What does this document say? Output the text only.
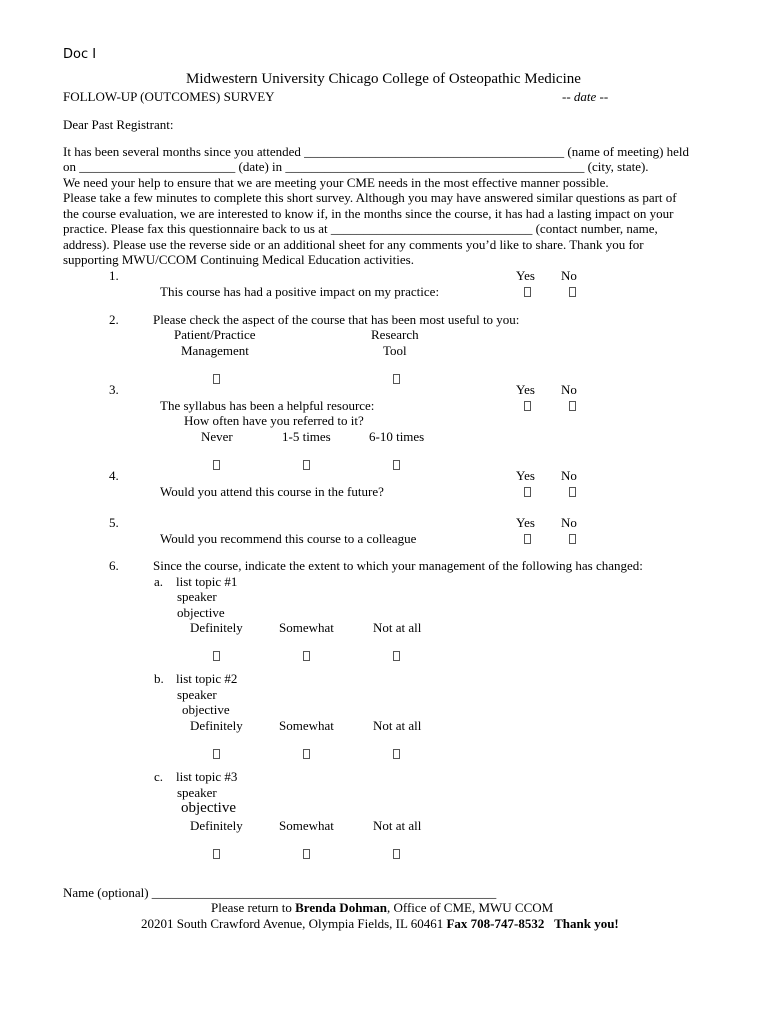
Doc I
Midwestern University Chicago College of Osteopathic Medicine
FOLLOW-UP (OUTCOMES) SURVEY	-- date --
Dear Past Registrant:
It has been several months since you attended ________________________________________ (name of meeting) held
on ________________________ (date) in ______________________________________________ (city, state).
We need your help to ensure that we are meeting your CME needs in the most effective manner possible.
Please take a few minutes to complete this short survey. Although you may have answered similar questions as part of
the course evaluation, we are interested to know if, in the months since the course, it has had a lasting impact on your
practice. Please fax this questionnaire back to us at _______________________________ (contact number, name,
address). Please use the reverse side or an additional sheet for any comments you’d like to share. Thank you for
supporting MWU/CCOM Continuing Medical Education activities.
1.	Yes No
This course has had a positive impact on my practice:
2.	Please check the aspect of the course that has been most useful to you:
Patient/Practice
Management
Research
Tool
3.	Yes No
The syllabus has been a helpful resource:
How often have you referred to it?
Never	1-5 times	6-10 times
4.	Yes No
Would you attend this course in the future?
5.	Yes No
Would you recommend this course to a colleague
6.	Since the course, indicate the extent to which your management of the following has changed:
a. list topic #1
speaker
objective
Definitely	Somewhat	Not at all
b. list topic #2
speaker
objective
Definitely	Somewhat	Not at all
c. list topic #3
speaker
objective
Definitely	Somewhat	Not at all
Name (optional) _____________________________________________________
Please return to Brenda Dohman, Office of CME, MWU CCOM
20201 South Crawford Avenue, Olympia Fields, IL 60461 Fax 708-747-8532 Thank you!
